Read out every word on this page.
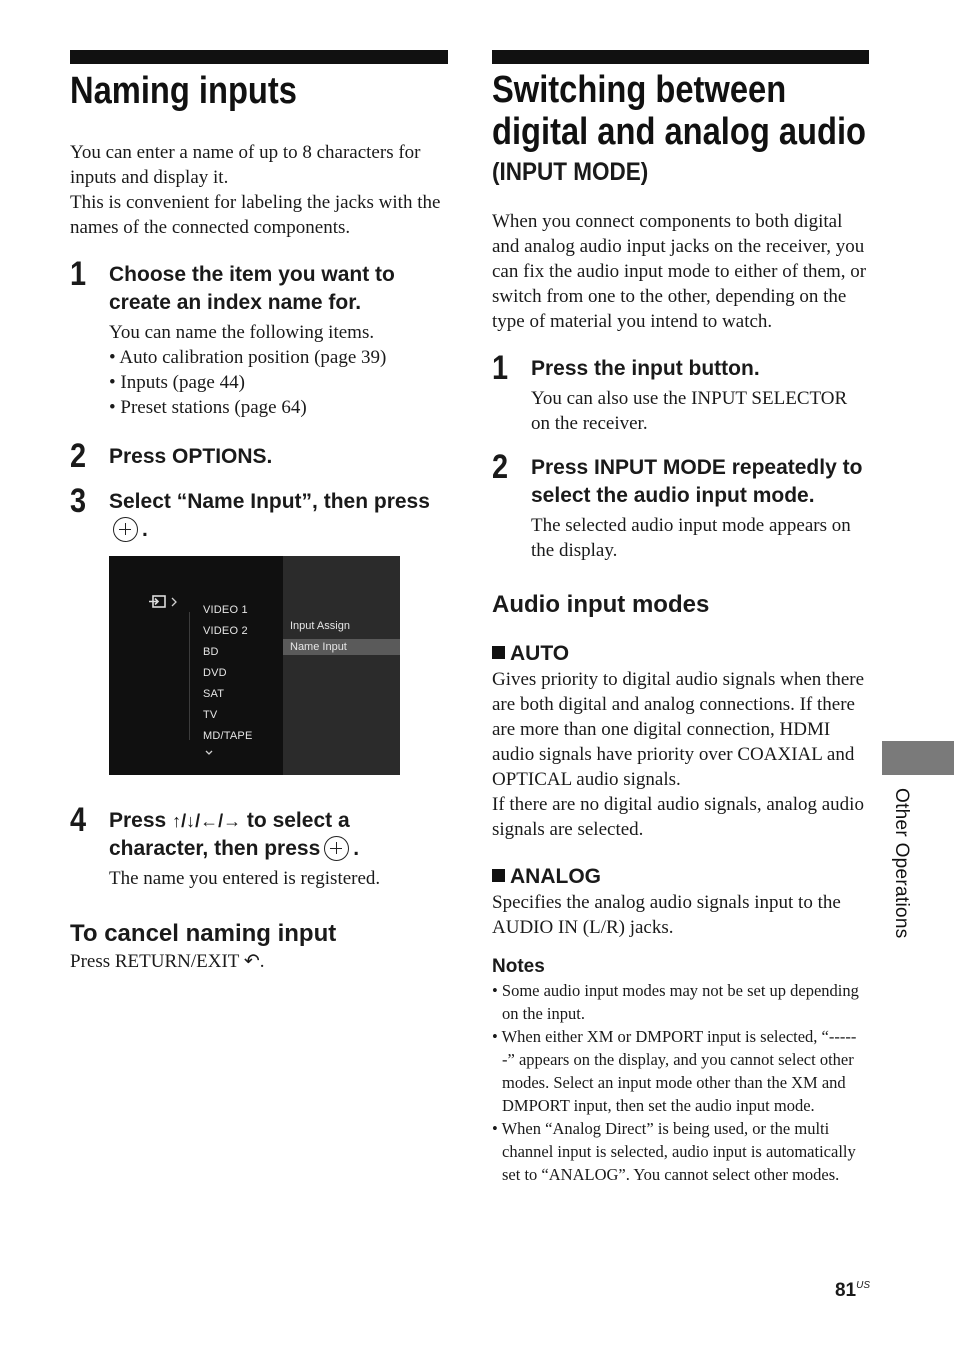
Naming inputs

You can enter a name of up to 8 characters for inputs and display it.

This is convenient for labeling the jacks with the names of the connected components.

1 Choose the item you want to create an index name for.
You can name the following items.
• Auto calibration position (page 39)
• Inputs (page 44)
• Preset stations (page 64)
2 Press OPTIONS.
3 Select “Name Input”, then press.
VIDEO 1
VIDEO 2
BD
DVD
SAT
TV
MD/TAPE
Input Assign
Name Input
4 Press ↑/↓/←/→ to select a character, then press .
The name you entered is registered.
To cancel naming input

Press RETURN/EXIT ↶.

Switching between
digital and analog audio
(INPUT MODE)

When you connect components to both digital and analog audio input jacks on the receiver, you can fix the audio input mode to either of them, or switch from one to the other, depending on the type of material you intend to watch.

1 Press the input button.
You can also use the INPUT SELECTOR on the receiver.
2 Press INPUT MODE repeatedly to select the audio input mode.
The selected audio input mode appears on the display.
Audio input modes
AUTO

Gives priority to digital audio signals when there are both digital and analog connections. If there are more than one digital connection, HDMI audio signals have priority over COAXIAL and OPTICAL audio signals.

If there are no digital audio signals, analog audio signals are selected.

ANALOG

Specifies the analog audio signals input to the AUDIO IN (L/R) jacks.

Notes
• Some audio input modes may not be set up depending on the input.
• When either XM or DMPORT input is selected, “------” appears on the display, and you cannot select other modes. Select an input mode other than the XM and DMPORT input, then set the audio input mode.
• When “Analog Direct” is being used, or the multi channel input is selected, audio input is automatically set to “ANALOG”. You cannot select other modes.
Other Operations
$81^{US}$
